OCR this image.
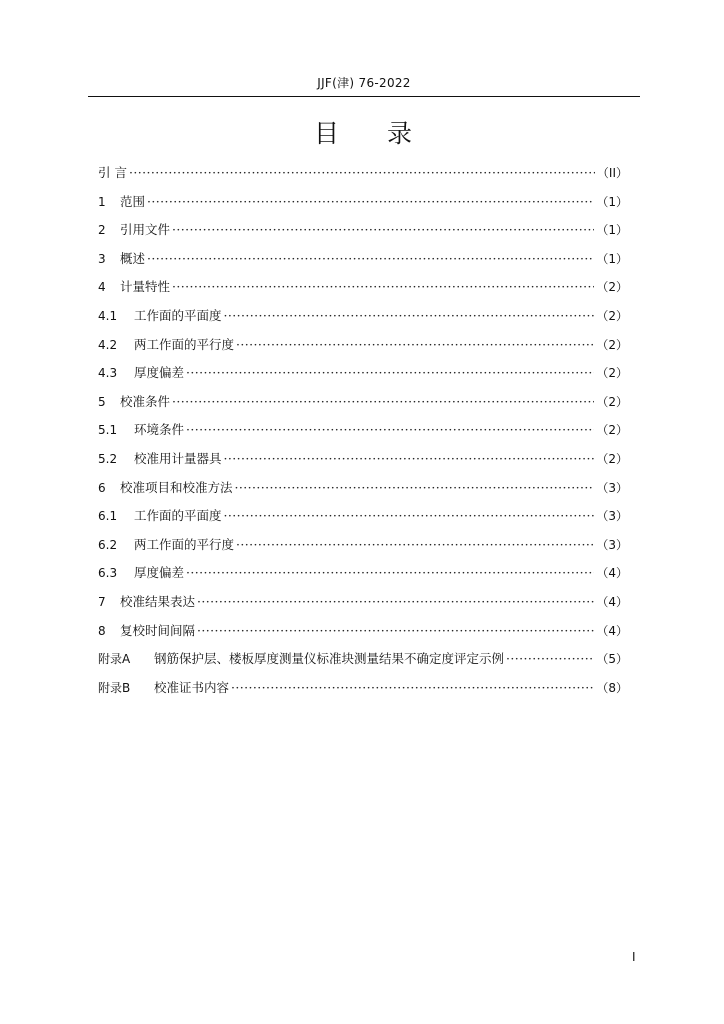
JJF(津) 76-2022
目 录
引 言 ·····	（II）
1	范围 ·····	（1）
2	引用文件 ·····	（1）
3	概述 ·····	（1）
4	计量特性 ·····	（2）
4.1	工作面的平面度 ·····	（2）
4.2	两工作面的平行度 ·····	（2）
4.3	厚度偏差 ·····	（2）
5	校准条件 ·····	（2）
5.1	环境条件 ·····	（2）
5.2	校准用计量器具 ·····	（2）
6	校准项目和校准方法 ·····	（3）
6.1	工作面的平面度 ·····	（3）
6.2	两工作面的平行度 ·····	（3）
6.3	厚度偏差 ·····	（4）
7	校准结果表达 ·····	（4）
8	复校时间间隔 ·····	（4）
附录A	钢筋保护层、楼板厚度测量仪标准块测量结果不确定度评定示例 ·····	（5）
附录B	校准证书内容 ·····	（8）
I
